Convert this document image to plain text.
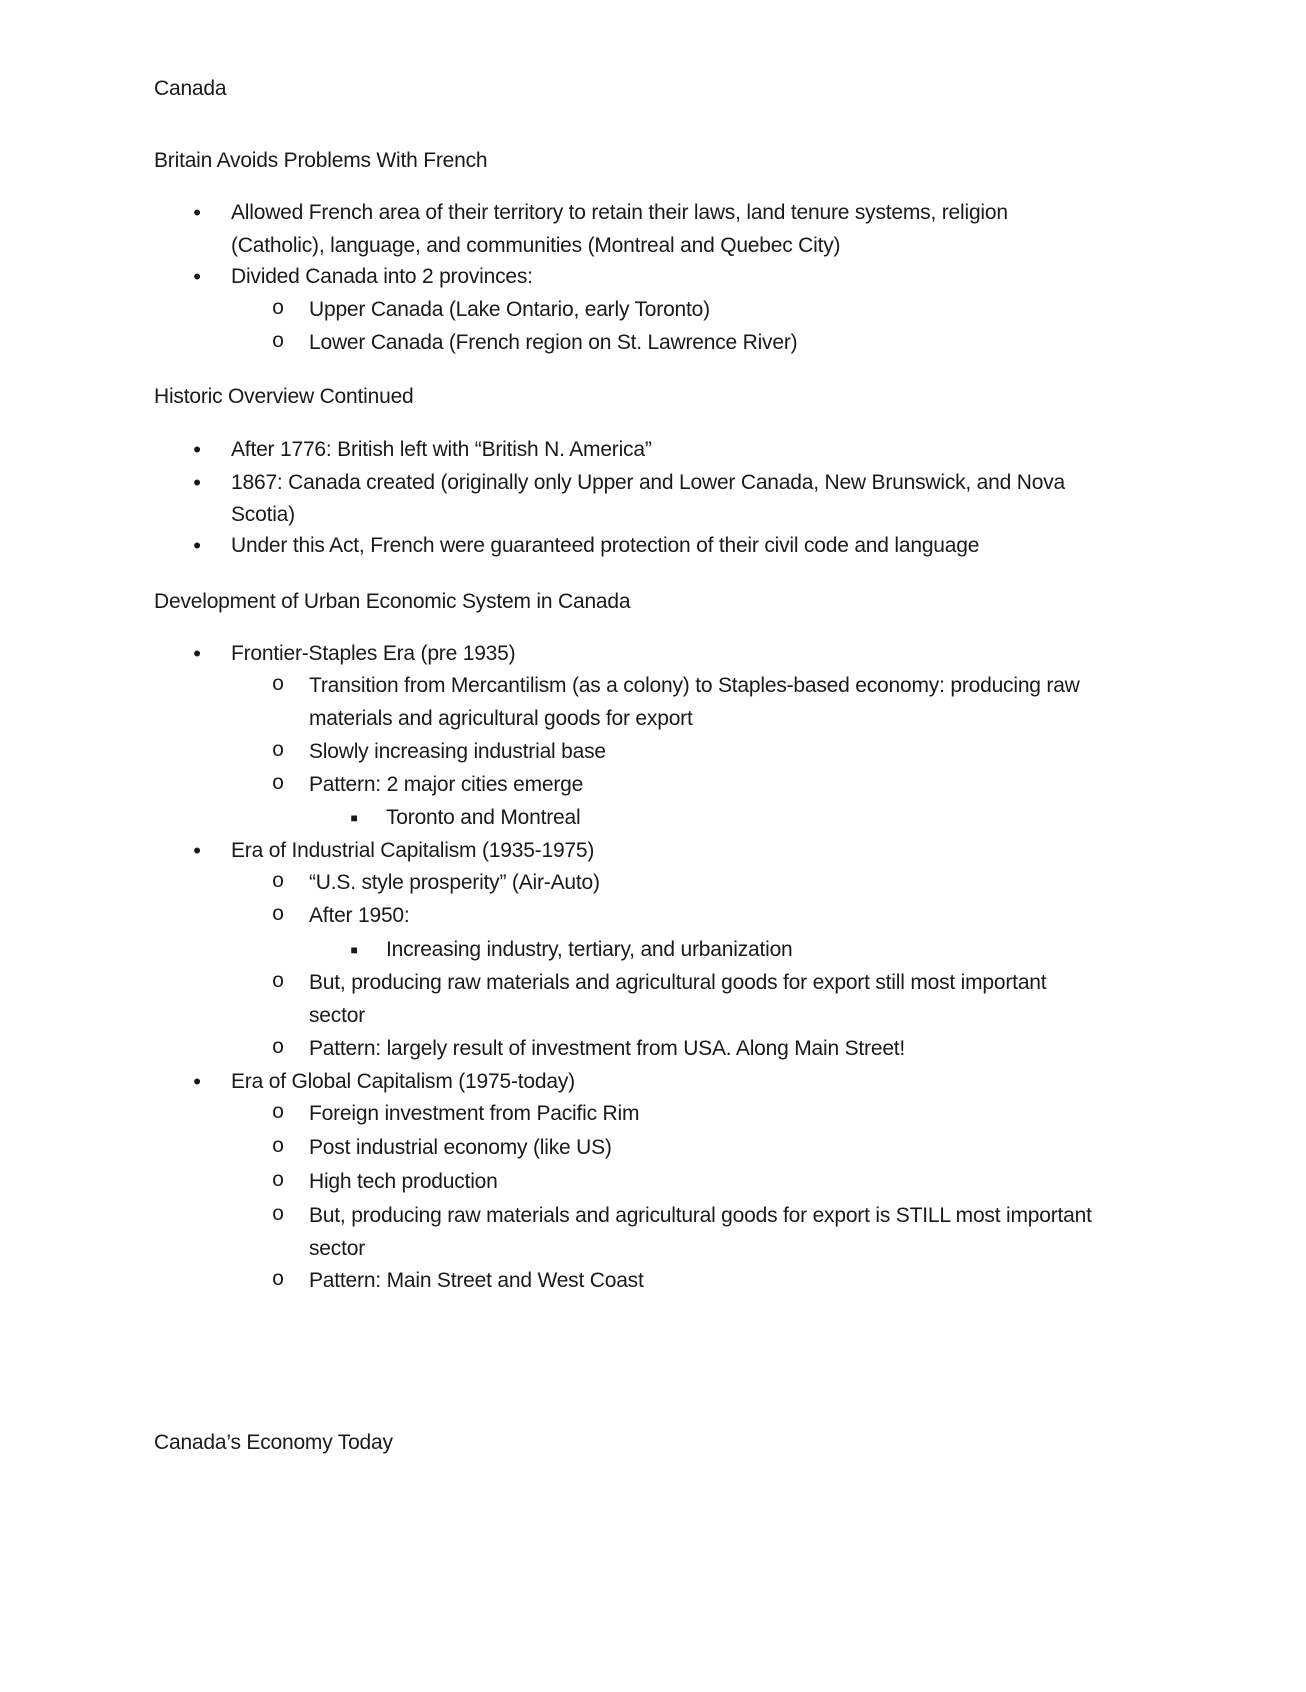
Canada
Britain Avoids Problems With French
•	Allowed French area of their territory to retain their laws, land tenure systems, religion
(Catholic), language, and communities (Montreal and Quebec City)
•	Divided Canada into 2 provinces:
o Upper Canada (Lake Ontario, early Toronto)
o Lower Canada (French region on St. Lawrence River)
Historic Overview Continued
•	After 1776: British left with “British N. America”
•	1867: Canada created (originally only Upper and Lower Canada, New Brunswick, and Nova
Scotia)
•	Under this Act, French were guaranteed protection of their civil code and language
Development of Urban Economic System in Canada
•	Frontier-Staples Era (pre 1935)
o Transition from Mercantilism (as a colony) to Staples-based economy: producing raw
materials and agricultural goods for export
o Slowly increasing industrial base
o Pattern: 2 major cities emerge
■	Toronto and Montreal
•	Era of Industrial Capitalism (1935-1975)
o “U.S. style prosperity” (Air-Auto)
o After 1950:
■	Increasing industry, tertiary, and urbanization
o But, producing raw materials and agricultural goods for export still most important
sector
o Pattern: largely result of investment from USA. Along Main Street!
•	Era of Global Capitalism (1975-today)
o Foreign investment from Pacific Rim
o Post industrial economy (like US)
o High tech production
o But, producing raw materials and agricultural goods for export is STILL most important
sector
o Pattern: Main Street and West Coast
Canada’s Economy Today
